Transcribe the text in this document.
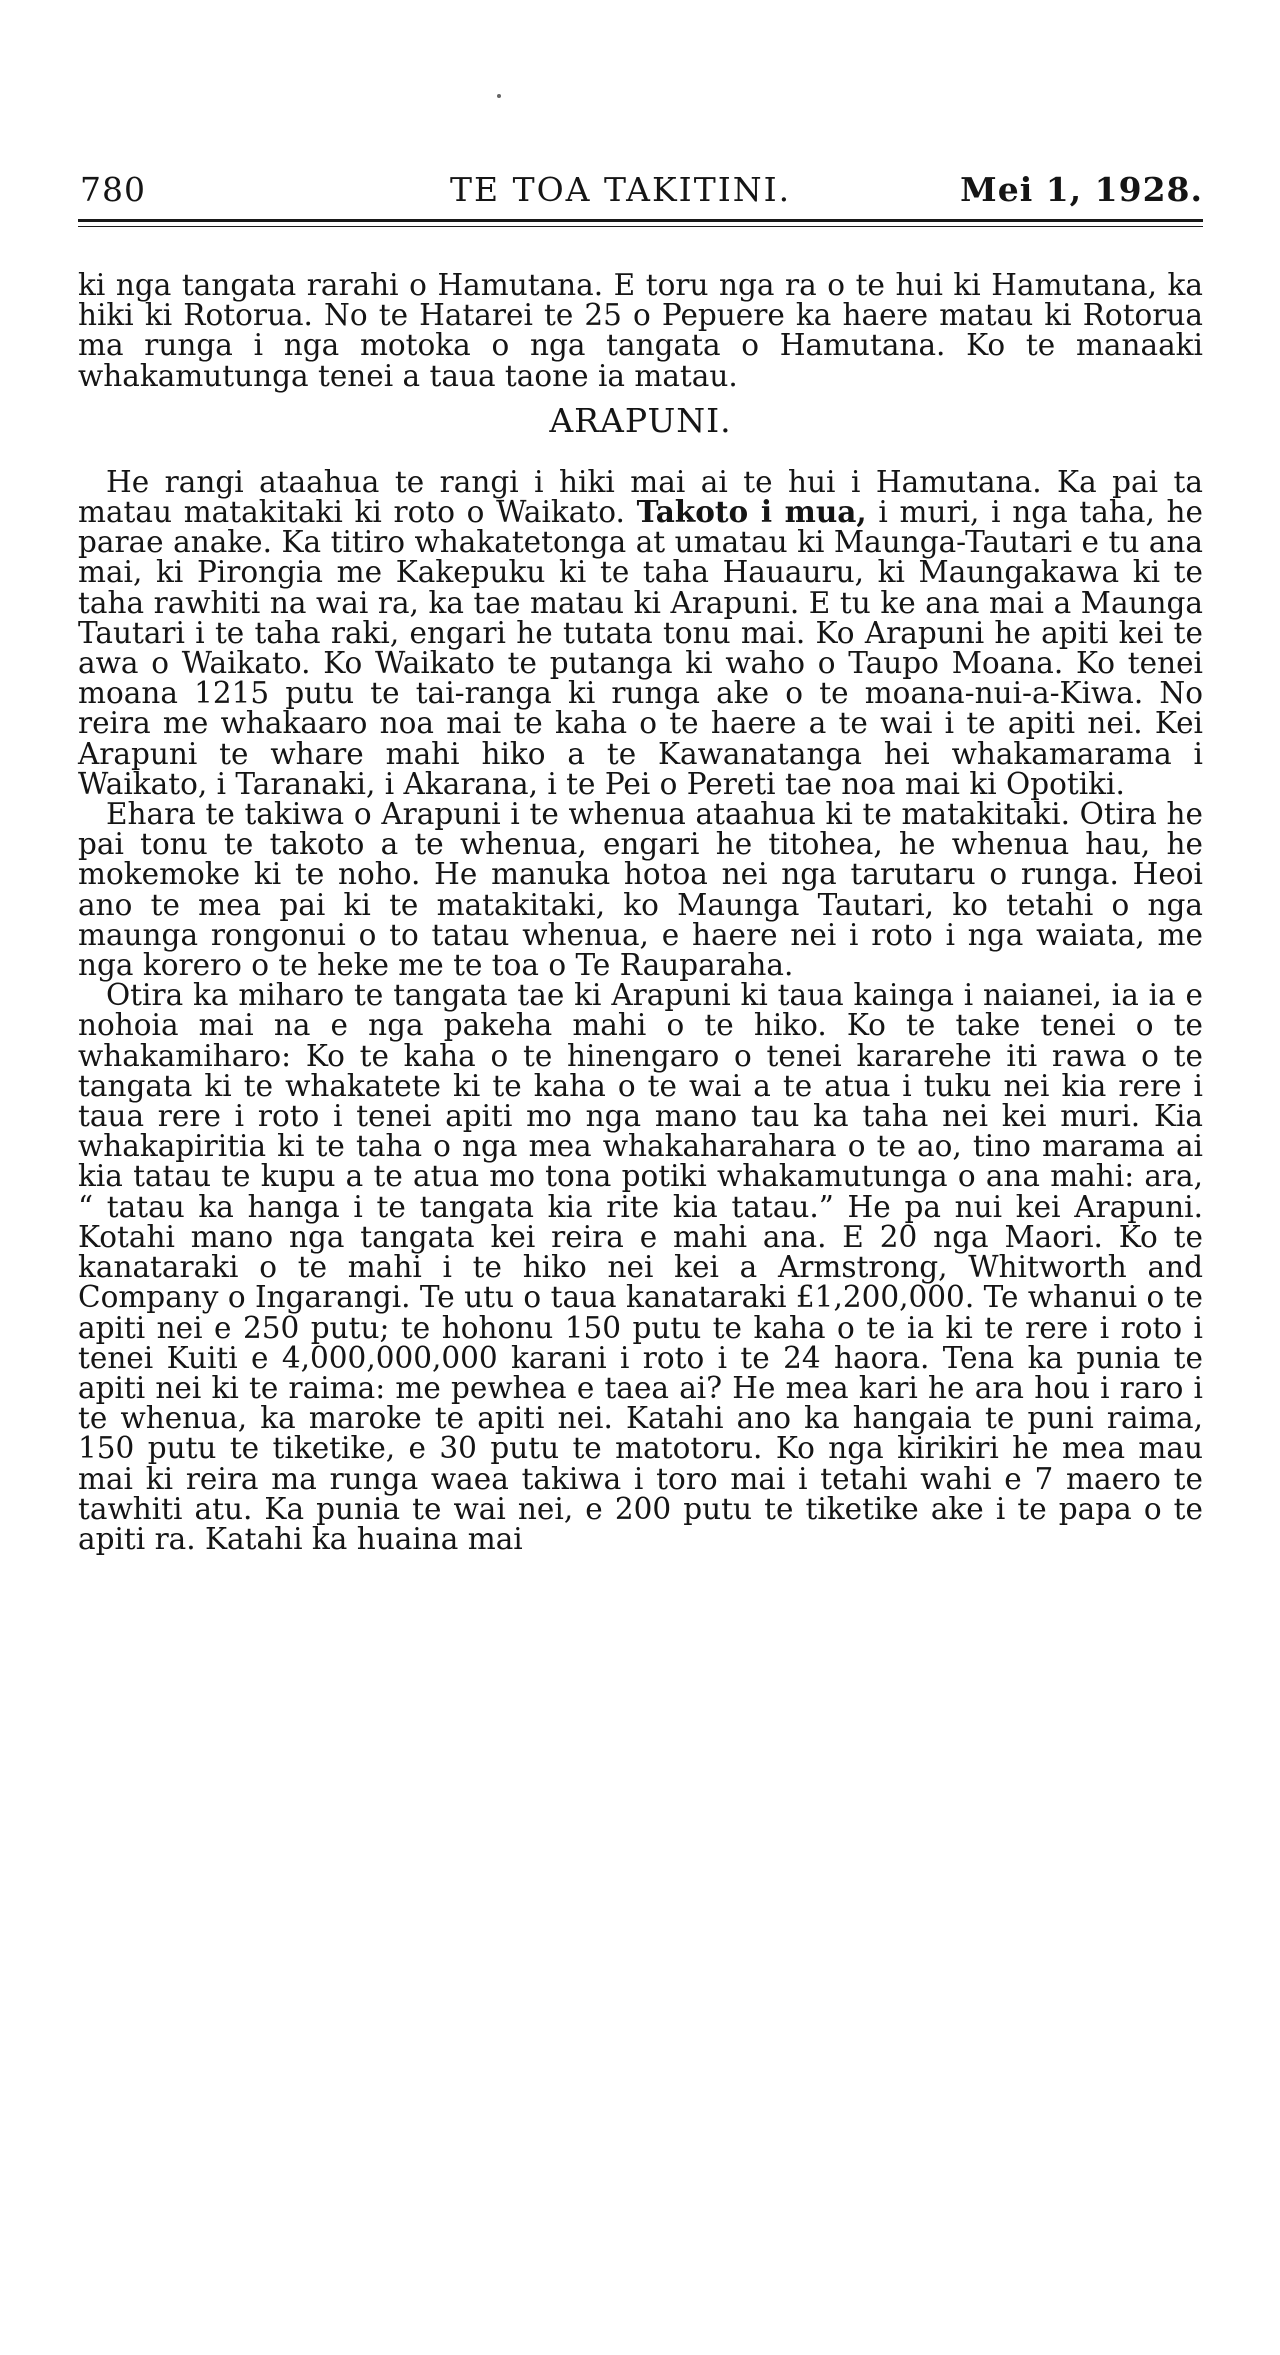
780	TE TOA TAKITINI.	Mei 1, 1928.

ki nga tangata rarahi o Hamutana. E toru nga ra o te hui ki Hamutana, ka hiki ki Rotorua. No te Hatarei te 25 o Pepuere ka haere matau ki Rotorua ma runga i nga motoka o nga tangata o Hamutana. Ko te manaaki whakamutunga tenei a taua taone ia matau.

ARAPUNI.

He rangi ataahua te rangi i hiki mai ai te hui i Hamutana. Ka pai ta matau matakitaki ki roto o Waikato. Takoto i mua, i muri, i nga taha, he parae anake. Ka titiro whakatetonga at umatau ki Maunga-Tautari e tu ana mai, ki Pirongia me Kakepuku ki te taha Hauauru, ki Maungakawa ki te taha rawhiti na wai ra, ka tae matau ki Arapuni. E tu ke ana mai a Maunga Tautari i te taha raki, engari he tutata tonu mai. Ko Arapuni he apiti kei te awa o Waikato. Ko Waikato te putanga ki waho o Taupo Moana. Ko tenei moana 1215 putu te tai-ranga ki runga ake o te moana-nui-a-Kiwa. No reira me whakaaro noa mai te kaha o te haere a te wai i te apiti nei. Kei Arapuni te whare mahi hiko a te Kawanatanga hei whakamarama i Waikato, i Taranaki, i Akarana, i te Pei o Pereti tae noa mai ki Opotiki.

Ehara te takiwa o Arapuni i te whenua ataahua ki te matakitaki. Otira he pai tonu te takoto a te whenua, engari he titohea, he whenua hau, he mokemoke ki te noho. He manuka hotoa nei nga tarutaru o runga. Heoi ano te mea pai ki te matakitaki, ko Maunga Tautari, ko tetahi o nga maunga rongonui o to tatau whenua, e haere nei i roto i nga waiata, me nga korero o te heke me te toa o Te Rauparaha.

Otira ka miharo te tangata tae ki Arapuni ki taua kainga i naianei, ia ia e nohoia mai na e nga pakeha mahi o te hiko. Ko te take tenei o te whakamiharo: Ko te kaha o te hinengaro o tenei kararehe iti rawa o te tangata ki te whakatete ki te kaha o te wai a te atua i tuku nei kia rere i taua rere i roto i tenei apiti mo nga mano tau ka taha nei kei muri. Kia whakapiritia ki te taha o nga mea whakaharahara o te ao, tino marama ai kia tatau te kupu a te atua mo tona potiki whakamutunga o ana mahi: ara, “ tatau ka hanga i te tangata kia rite kia tatau.” He pa nui kei Arapuni. Kotahi mano nga tangata kei reira e mahi ana. E 20 nga Maori. Ko te kanataraki o te mahi i te hiko nei kei a Armstrong, Whitworth and Company o Ingarangi. Te utu o taua kanataraki £1,200,000. Te whanui o te apiti nei e 250 putu; te hohonu 150 putu te kaha o te ia ki te rere i roto i tenei Kuiti e 4,000,000,000 karani i roto i te 24 haora. Tena ka punia te apiti nei ki te raima: me pewhea e taea ai? He mea kari he ara hou i raro i te whenua, ka maroke te apiti nei. Katahi ano ka hangaia te puni raima, 150 putu te tiketike, e 30 putu te matotoru. Ko nga kirikiri he mea mau mai ki reira ma runga waea takiwa i toro mai i tetahi wahi e 7 maero te tawhiti atu. Ka punia te wai nei, e 200 putu te tiketike ake i te papa o te apiti ra. Katahi ka huaina mai
